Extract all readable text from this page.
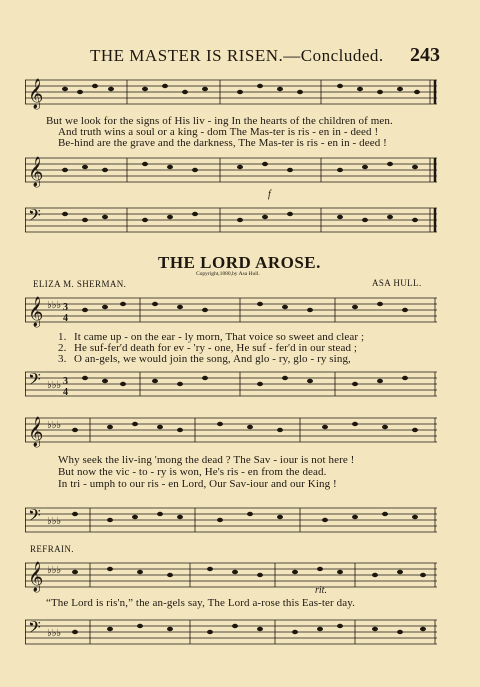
THE MASTER IS RISEN.—Concluded. 243
𝄞
But we look for the signs of His liv - ing In the hearts of the children of men.
And truth wins a soul or a king - dom The Mas-ter is ris - en in - deed !
Be-hind are the grave and the darkness, The Mas-ter is ris - en in - deed !
𝄞
f
𝄢
THE LORD AROSE.
Copyright,1880,by Asa Hull.
ELIZA M. SHERMAN.	ASA HULL.
𝄞 ♭♭♭ 3
4
1. It came up - on the ear - ly morn, That voice so sweet and clear ;
2. He suf-fer'd death for ev - 'ry - one, He suf - fer'd in our stead ;
3. O an-gels, we would join the song, And glo - ry, glo - ry sing,
𝄢 ♭♭♭ 3
4
𝄞 ♭♭♭
Why seek the liv-ing 'mong the dead ? The Sav - iour is not here !
But now the vic - to - ry is won, He's ris - en from the dead.
In tri - umph to our ris - en Lord, Our Sav-iour and our King !
𝄢 ♭♭♭
REFRAIN.
𝄞 ♭♭♭
rit.
“The Lord is ris'n,” the an-gels say, The Lord a-rose this Eas-ter day.
𝄢 ♭♭♭
